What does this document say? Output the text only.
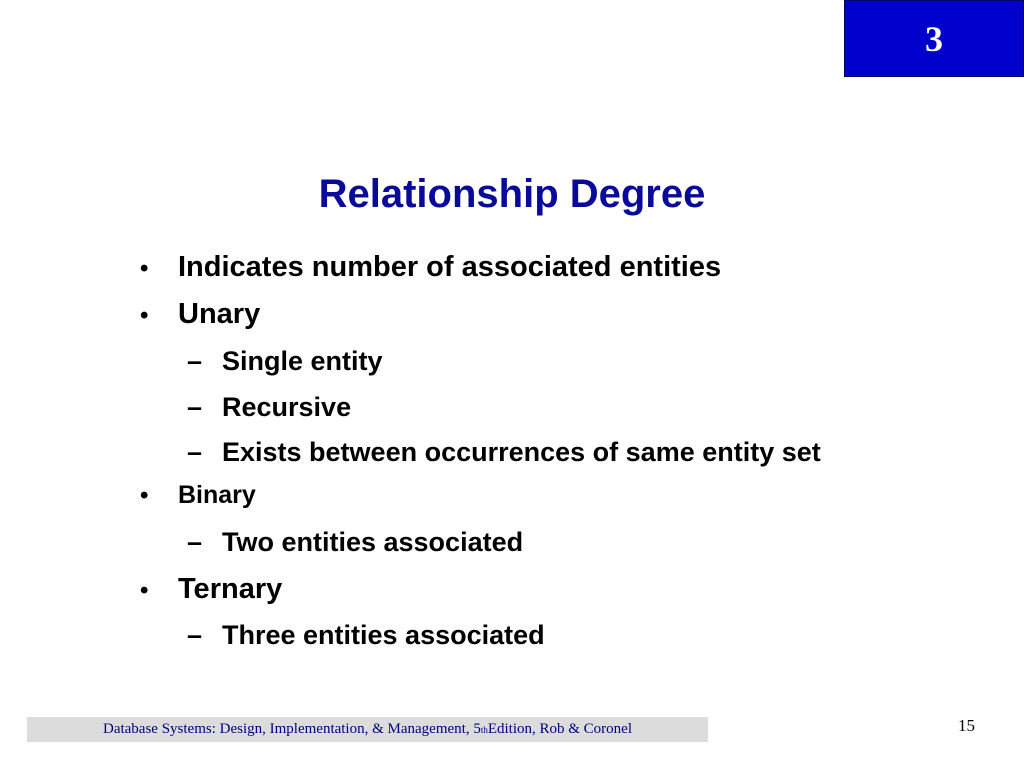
3
Relationship Degree
•	Indicates number of associated entities
•	Unary
– Single entity
– Recursive
– Exists between occurrences of same entity set
•	Binary
– Two entities associated
•	Ternary
– Three entities associated
Database Systems: Design, Implementation, & Management, 5 th Edition, Rob & Coronel	15
